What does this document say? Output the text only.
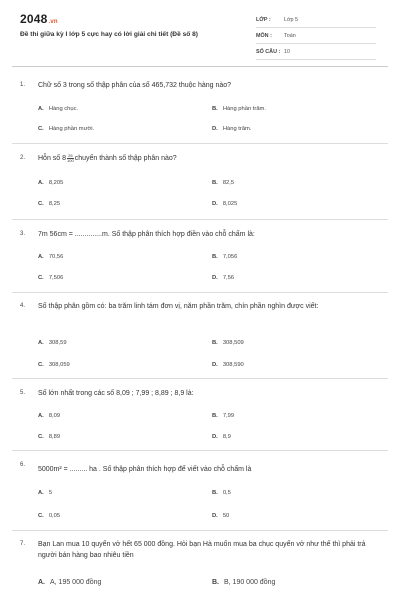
2048.vn
Đề thi giữa kỳ I lớp 5 cực hay có lời giải chi tiết (Đề số 8)
LỚP :	Lớp 5
MÔN :	Toán
SỐ CÂU : 10
1. Chữ số 3 trong số thập phân của số 465,732 thuộc hàng nào?
A. Hàng chục.	B. Hàng phần trăm.
C. Hàng phần mười.	D. Hàng trăm.
2. Hỗn số $8 \frac{25}{100}$ chuyển thành số thập phân nào?
A. 8,205	B. 82,5
C. 8,25	D. 8,025
3. 7m 56cm = ..............m. Số thập phân thích hợp điền vào chỗ chấm là:
A. 70,56	B. 7,056
C. 7,506	D. 7,56
4. Số thập phân gồm có: ba trăm linh tám đơn vị, năm phần trăm, chín phần nghìn được viết:
A. 308,59	B. 308,509
C. 308,059	D. 308,590
5. Số lớn nhất trong các số 8,09 ; 7,99 ; 8,89 ; 8,9 là:
A. 8,09	B. 7,99
C. 8,89	D. 8,9
6.
5000m² = ......... ha . Số thập phân thích hợp để viết vào chỗ chấm là
A. 5	B. 0,5
C. 0,05	D. 50
7. Bạn Lan mua 10 quyển vở hết 65 000 đồng. Hỏi bạn Hà muốn mua ba chục quyển vở như thế thì phải trả người bán hàng bao nhiêu tiền
A. A, 195 000 đồng	B. B, 190 000 đồng
